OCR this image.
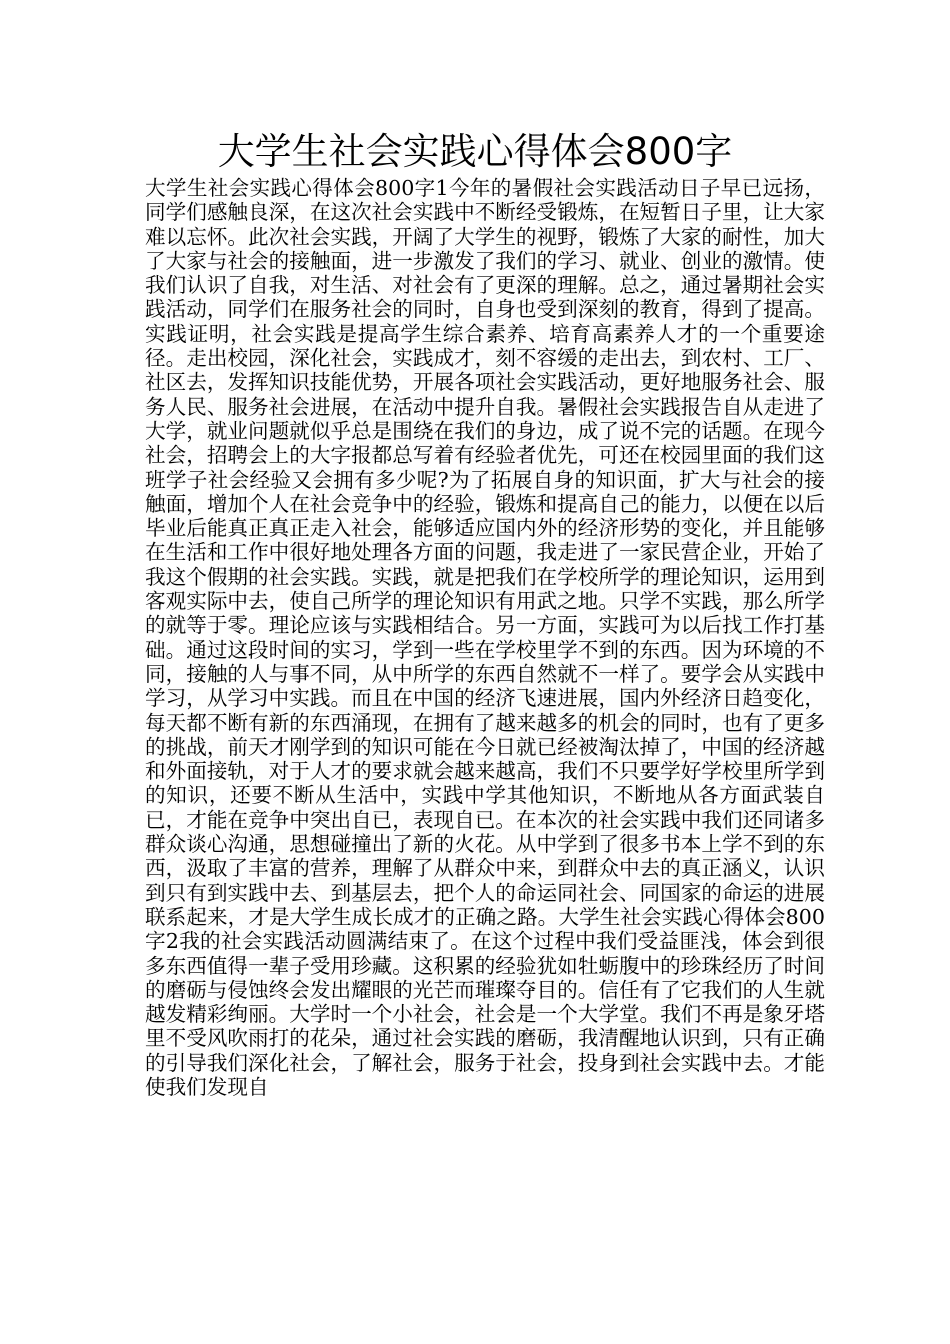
大学生社会实践心得体会800字

大学生社会实践心得体会800字1今年的暑假社会实践活动日子早已远扬，同学们感触良深，在这次社会实践中不断经受锻炼，在短暂日子里，让大家难以忘怀。此次社会实践，开阔了大学生的视野，锻炼了大家的耐性，加大了大家与社会的接触面，进一步激发了我们的学习、就业、创业的激情。使我们认识了自我，对生活、对社会有了更深的理解。总之，通过暑期社会实践活动，同学们在服务社会的同时，自身也受到深刻的教育，得到了提高。实践证明，社会实践是提高学生综合素养、培育高素养人才的一个重要途径。走出校园，深化社会，实践成才，刻不容缓的走出去，到农村、工厂、社区去，发挥知识技能优势，开展各项社会实践活动，更好地服务社会、服务人民、服务社会进展，在活动中提升自我。暑假社会实践报告自从走进了大学，就业问题就似乎总是围绕在我们的身边，成了说不完的话题。在现今社会，招聘会上的大字报都总写着有经验者优先，可还在校园里面的我们这班学子社会经验又会拥有多少呢?为了拓展自身的知识面，扩大与社会的接触面，增加个人在社会竞争中的经验，锻炼和提高自己的能力，以便在以后毕业后能真正真正走入社会，能够适应国内外的经济形势的变化，并且能够在生活和工作中很好地处理各方面的问题，我走进了一家民营企业，开始了我这个假期的社会实践。实践，就是把我们在学校所学的理论知识，运用到客观实际中去，使自己所学的理论知识有用武之地。只学不实践，那么所学的就等于零。理论应该与实践相结合。另一方面，实践可为以后找工作打基础。通过这段时间的实习，学到一些在学校里学不到的东西。因为环境的不同，接触的人与事不同，从中所学的东西自然就不一样了。要学会从实践中学习，从学习中实践。而且在中国的经济飞速进展，国内外经济日趋变化，每天都不断有新的东西涌现，在拥有了越来越多的机会的同时，也有了更多的挑战，前天才刚学到的知识可能在今日就已经被淘汰掉了，中国的经济越和外面接轨，对于人才的要求就会越来越高，我们不只要学好学校里所学到的知识，还要不断从生活中，实践中学其他知识，不断地从各方面武装自已，才能在竞争中突出自已，表现自已。在本次的社会实践中我们还同诸多群众谈心沟通，思想碰撞出了新的火花。从中学到了很多书本上学不到的东西，汲取了丰富的营养，理解了从群众中来，到群众中去的真正涵义，认识到只有到实践中去、到基层去，把个人的命运同社会、同国家的命运的进展联系起来，才是大学生成长成才的正确之路。大学生社会实践心得体会800字2我的社会实践活动圆满结束了。在这个过程中我们受益匪浅，体会到很多东西值得一辈子受用珍藏。这积累的经验犹如牡蛎腹中的珍珠经历了时间的磨砺与侵蚀终会发出耀眼的光芒而璀璨夺目的。信任有了它我们的人生就越发精彩绚丽。大学时一个小社会，社会是一个大学堂。我们不再是象牙塔里不受风吹雨打的花朵，通过社会实践的磨砺，我清醒地认识到，只有正确的引导我们深化社会，了解社会，服务于社会，投身到社会实践中去。才能使我们发现自
